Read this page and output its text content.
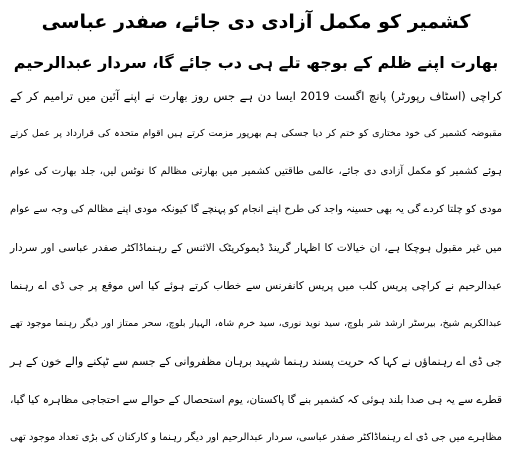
کشمیر کو مکمل آزادی دی جائے، صفدر عباسی
بھارت اپنے ظلم کے بوجھ تلے ہی دب جائے گا، سردار عبدالرحیم
کراچی (اسٹاف رپورٹر) پانچ اگست 2019 ایسا دن ہے جس روز بھارت نے اپنے آئین میں ترامیم کر کے
مقبوضہ کشمیر کی خود مختاری کو ختم کر دیا جسکی ہم بھرپور مزمت کرتے ہیں اقوام متحدہ کی قرارداد پر عمل کرتے
ہوئے کشمیر کو مکمل آزادی دی جائے، عالمی طاقتیں کشمیر میں بھارتی مظالم کا نوٹس لیں، جلد بھارت کی عوام
مودی کو چلتا کردے گی یہ بھی حسینہ واجد کی طرح اپنے انجام کو پہنچے گا کیونکہ مودی اپنے مظالم کی وجہ سے عوام
میں غیر مقبول ہوچکا ہے، ان خیالات کا اظہار گرینڈ ڈیموکریٹک الائنس کے رہنماڈاکٹر صفدر عباسی اور سردار
عبدالرحیم نے کراچی پریس کلب میں پریس کانفرنس سے خطاب کرتے ہوئے کیا اس موقع پر جی ڈی اے رہنما
عبدالکریم شیخ، بیرسٹر ارشد شر بلوچ، سید نوید نوری، سید خرم شاہ، الہیار بلوچ، سحر ممتاز اور دیگر رہنما موجود تھے
جی ڈی اے رہنماؤں نے کہا کہ حریت پسند رہنما شہید برہان مظفروانی کے جسم سے ٹپکنے والے خون کے ہر
قطرے سے یہ ہی صدا بلند ہوئی کہ کشمیر بنے گا پاکستان، یوم استحصال کے حوالے سے احتجاجی مظاہرہ کیا گیا،
مظاہرے میں جی ڈی اے رہنماڈاکٹر صفدر عباسی، سردار عبدالرحیم اور دیگر رہنما و کارکنان کی بڑی تعداد موجود تھی
